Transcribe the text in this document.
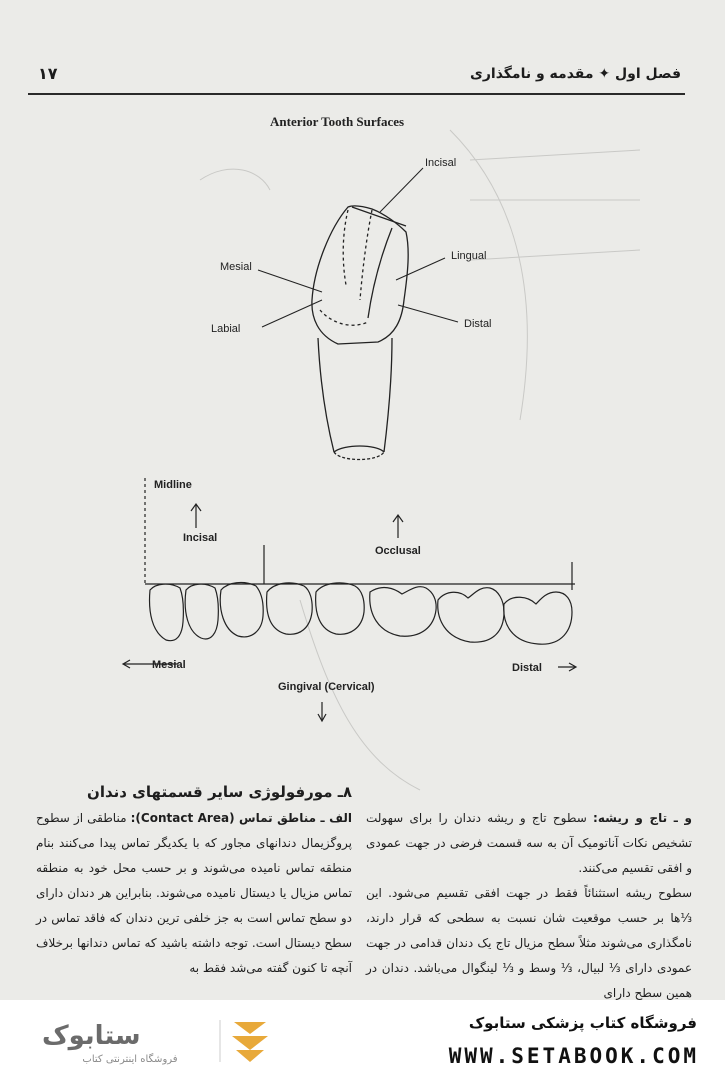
۱۷	فصل اول ✦ مقدمه و نامگذاری
Anterior Tooth Surfaces
Incisal
Mesial
Lingual
Labial	Distal
Midline
Incisal
Occlusal
Mesial	Distal
Gingival (Cervical)

و ـ تاج و ریشه: سطوح تاج و ریشه دندان را برای سهولت تشخیص نکات آناتومیک آن به سه قسمت فرضی در جهت عمودی و افقی تقسیم می‌کنند.

سطوح ریشه استثنائاً فقط در جهت افقی تقسیم می‌شود. این ⅓ها بر حسب موقعیت شان نسبت به سطحی که قرار دارند، نامگذاری می‌شوند مثلاً سطح مزیال تاج یک دندان قدامی در جهت عمودی دارای ⅓ لبیال، ⅓ وسط و ⅓ لینگوال می‌باشد. دندان در همین سطح دارای

۸ـ مورفولوژی سایر قسمتهای دندان

الف ـ مناطق تماس (Contact Area): مناطقی از سطوح پروگزیمال دندانهای مجاور که با یکدیگر تماس پیدا می‌کنند بنام منطقه تماس نامیده می‌شوند و بر حسب محل خود به منطقه تماس مزیال یا دیستال نامیده می‌شوند. بنابراین هر دندان دارای دو سطح تماس است به جز خلفی ترین دندان که فاقد تماس در سطح دیستال است. توجه داشته باشید که تماس دندانها برخلاف آنچه تا کنون گفته می‌شد فقط به

ستابوک
فروشگاه اینترنتی کتاب
فروشگاه کتاب پزشکی ستابوک
WWW.SETABOOK.COM
